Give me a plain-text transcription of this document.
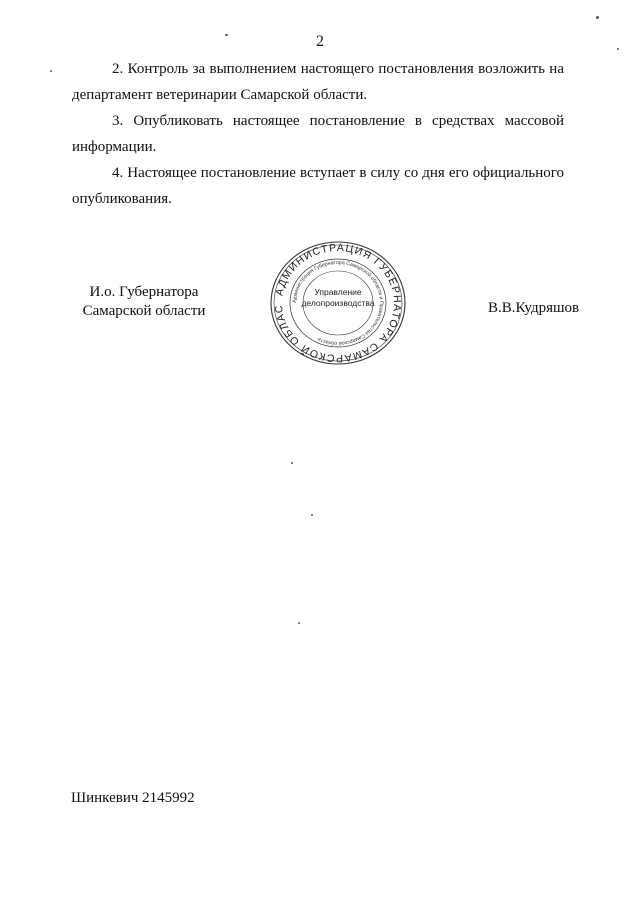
2
2. Контроль за выполнением настоящего постановления возложить на департамент ветеринарии Самарской области.
3. Опубликовать настоящее постановление в средствах массовой информации.
4. Настоящее постановление вступает в силу со дня его официального опубликования.
И.о. Губернатора
Самарской области
АДМИНИСТРАЦИЯ ГУБЕРНАТОРА САМАРСКОЙ ОБЛАС
Администрация Губернатора Самарской области и Правительства Самарской области
Управление
делопроизводства	В.В.Кудряшов
Шинкевич 2145992
